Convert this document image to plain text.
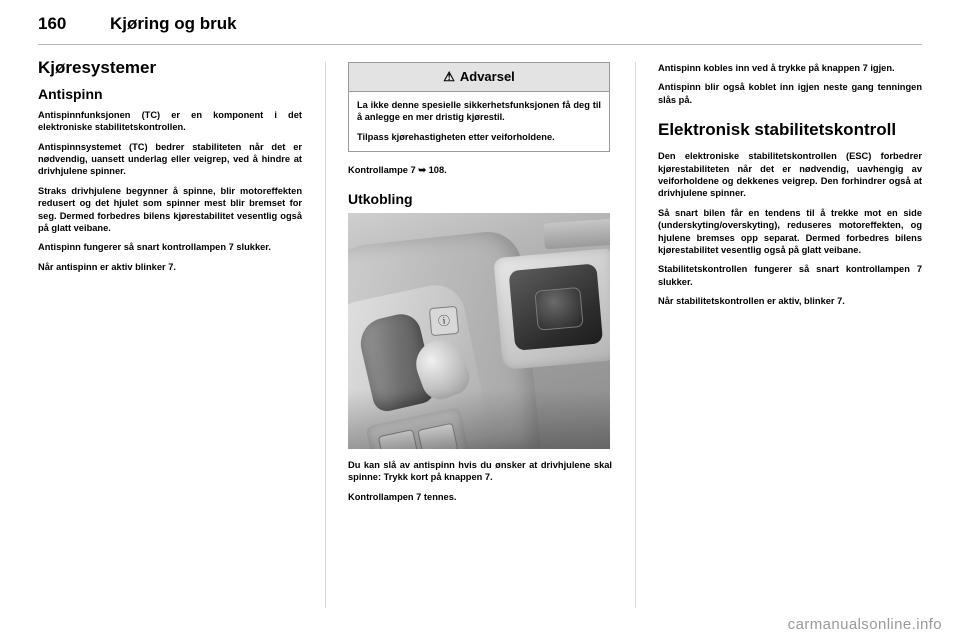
160	Kjøring og bruk
Kjøresystemer
Antispinn

Antispinnfunksjonen (TC) er en komponent i det elektroniske stabilitetskontrollen.

Antispinnsystemet (TC) bedrer stabiliteten når det er nødvendig, uansett underlag eller veigrep, ved å hindre at drivhjulene spinner.

Straks drivhjulene begynner å spinne, blir motoreffekten redusert og det hjulet som spinner mest blir bremset for seg. Dermed forbedres bilens kjørestabilitet vesentlig også på glatt veibane.

Antispinn fungerer så snart kontrollampen 7 slukker.

Når antispinn er aktiv blinker 7.

⚠ Advarsel

La ikke denne spesielle sikkerhetsfunksjonen få deg til å anlegge en mer dristig kjørestil.

Tilpass kjørehastigheten etter veiforholdene.

Kontrollampe 7 ➥ 108.

Utkobling
ⓘ

Du kan slå av antispinn hvis du ønsker at drivhjulene skal spinne: Trykk kort på knappen 7.

Kontrollampen 7 tennes.

Antispinn kobles inn ved å trykke på knappen 7 igjen.

Antispinn blir også koblet inn igjen neste gang tenningen slås på.

Elektronisk stabilitetskontroll

Den elektroniske stabilitetskontrollen (ESC) forbedrer kjørestabiliteten når det er nødvendig, uavhengig av veiforholdene og dekkenes veigrep. Den forhindrer også at drivhjulene spinner.

Så snart bilen får en tendens til å trekke mot en side (underskyting/overskyting), reduseres motoreffekten, og hjulene bremses opp separat. Dermed forbedres bilens kjørestabilitet vesentlig også på glatt veibane.

Stabilitetskontrollen fungerer så snart kontrollampen 7 slukker.

Når stabilitetskontrollen er aktiv, blinker 7.

carmanualsonline.info
